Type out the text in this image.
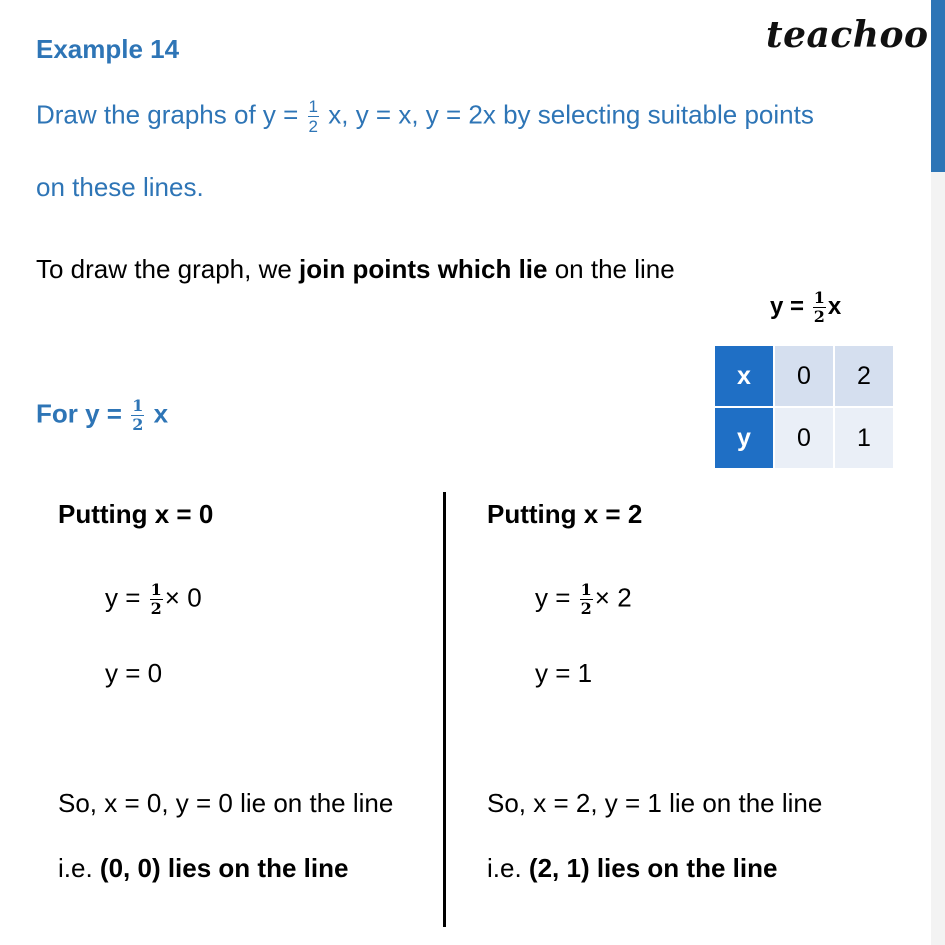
Example 14	teachoo
Draw the graphs of $y = \frac{1}{2} x$, y = x, y = 2x by selecting suitable points
on these lines.
To draw the graph, we join points which lie on the line
$y = \frac{1}{2}$ x
x	0	2
y	0	1
For $y = \frac{1}{2}$ x
Putting x = 0
$y = \frac{1}{2} \times 0$
y = 0
So, x = 0, y = 0 lie on the line
i.e. (0, 0) lies on the line
Putting x = 2
$y = \frac{1}{2} \times 2$
y = 1
So, x = 2, y = 1 lie on the line
i.e. (2, 1) lies on the line
